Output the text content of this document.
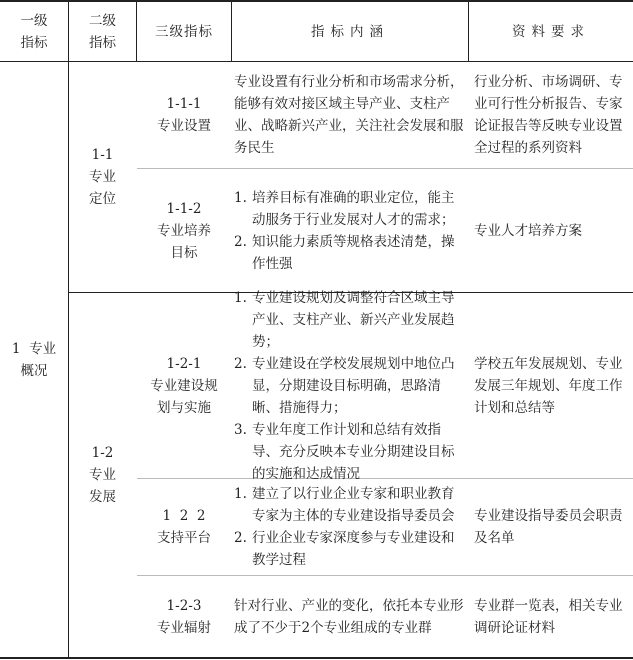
一级
指标
二级
指标
三级指标	指标内涵	资料要求
1  专业
概况
1-1
专业
定位
1-2
专业
发展
1-1-1
专业设置
专业设置有行业分析和市场需求分析，能够有效对接区域主导产业、支柱产业、战略新兴产业，关注社会发展和服务民生
行业分析、市场调研、专业可行性分析报告、专家论证报告等反映专业设置全过程的系列资料
1-1-2
专业培养
目标
1. 培养目标有准确的职业定位，能主动服务于行业发展对人才的需求；
2. 知识能力素质等规格表述清楚，操作性强
专业人才培养方案
1-2-1
专业建设规
划与实施
1. 专业建设规划及调整符合区域主导产业、支柱产业、新兴产业发展趋势；
2. 专业建设在学校发展规划中地位凸显，分期建设目标明确，思路清晰、措施得力；
3. 专业年度工作计划和总结有效指导、充分反映本专业分期建设目标的实施和达成情况
学校五年发展规划、专业发展三年规划、年度工作计划和总结等
1  2  2
支持平台
1. 建立了以行业企业专家和职业教育专家为主体的专业建设指导委员会
2. 行业企业专家深度参与专业建设和教学过程
专业建设指导委员会职责及名单
1-2-3
专业辐射
针对行业、产业的变化，依托本专业形成了不少于2个专业组成的专业群
专业群一览表，相关专业调研论证材料
